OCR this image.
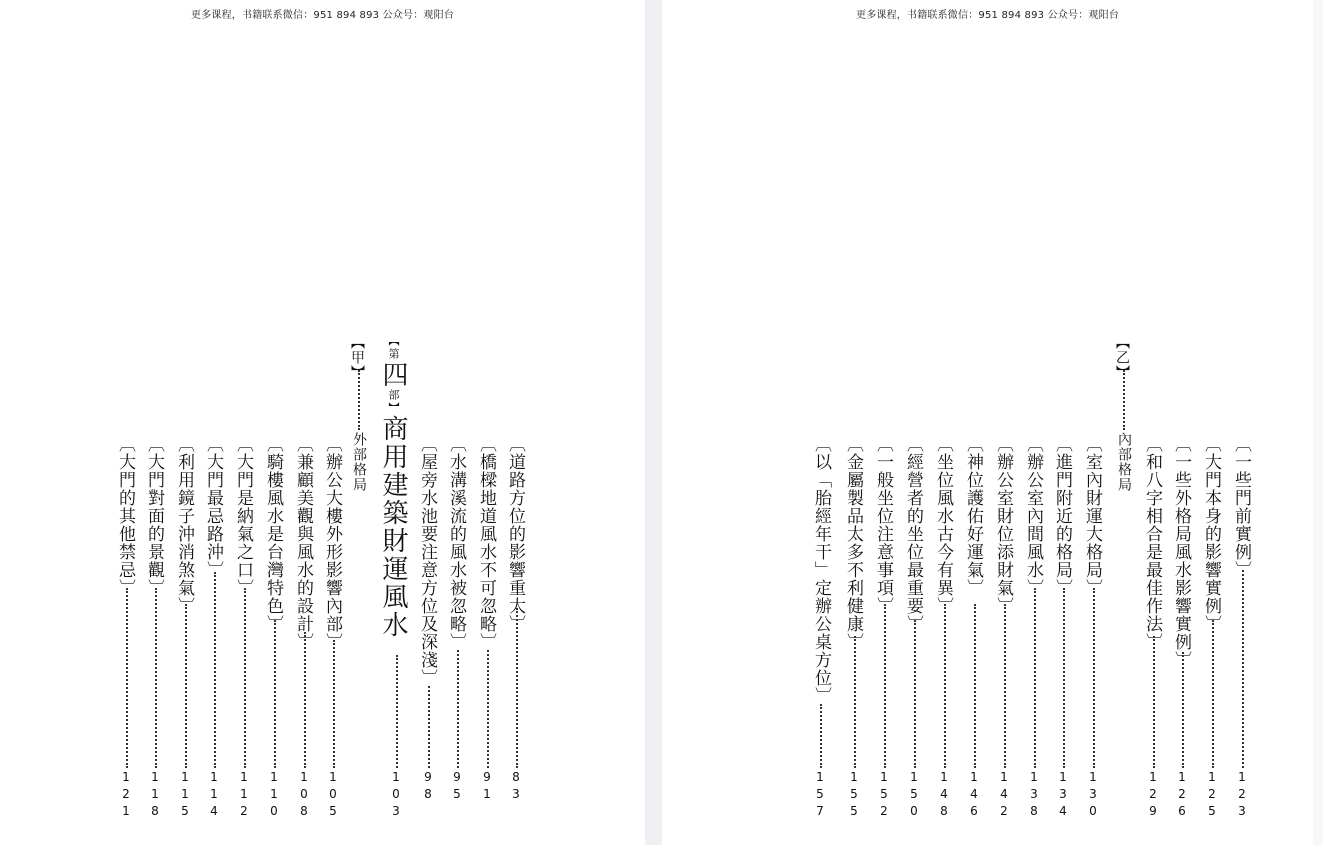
更多课程，书籍联系微信：951 894 893 公众号：观阳台
〔道路方位的影響重大〕
83
〔橋樑地道風水不可忽略〕
91
〔水溝溪流的風水被忽略〕
95
〔屋旁水池要注意方位及深淺〕
98
【第四部】商用建築財運風水
103
【甲】
外部格局
〔辦公大樓外形影響內部〕
105
〔兼顧美觀與風水的設計〕
108
〔騎樓風水是台灣特色〕
110
〔大門是納氣之口〕
112
〔大門最忌路沖〕
114
〔利用鏡子沖消煞氣〕
115
〔大門對面的景觀〕
118
〔大門的其他禁忌〕
121
更多课程，书籍联系微信：951 894 893 公众号：观阳台
〔一些門前實例〕
123
〔大門本身的影響實例〕
125
〔一些外格局風水影響實例〕
126
〔和八字相合是最佳作法〕
129
【乙】
內部格局
〔室內財運大格局〕
130
〔進門附近的格局〕
134
〔辦公室內間風水〕
138
〔辦公室財位添財氣〕
142
〔神位護佑好運氣〕
146
〔坐位風水古今有異〕
148
〔經營者的坐位最重要〕
150
〔一般坐位注意事項〕
152
〔金屬製品太多不利健康〕
155
〔以「胎經年干」定辦公桌方位〕
157
